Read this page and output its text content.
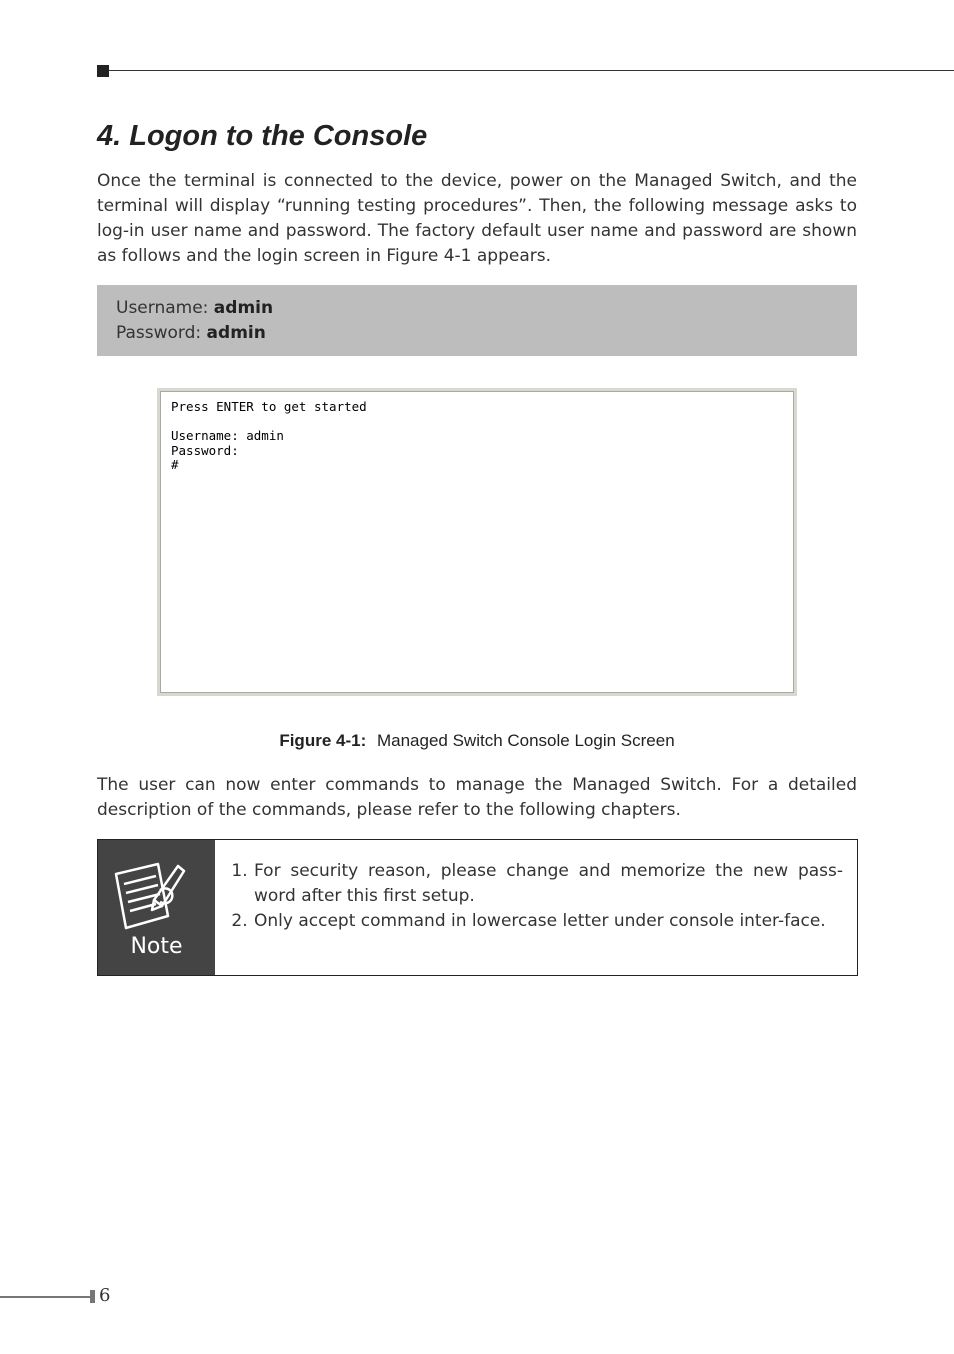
4. Logon to the Console

Once the terminal is connected to the device, power on the Managed Switch, and the terminal will display “running testing procedures”. Then, the following message asks to log-in user name and password. The factory default user name and password are shown as follows and the login screen in Figure 4-1 appears.

Username: admin
Password: admin
Press ENTER to get started
Username: admin
Password:
#
Figure 4-1: Managed Switch Console Login Screen

The user can now enter commands to manage the Managed Switch. For a detailed description of the commands, please refer to the following chapters.

Note
1. For security reason, please change and memorize the new pass-word after this first setup.
2. Only accept command in lowercase letter under console inter-face.
6
